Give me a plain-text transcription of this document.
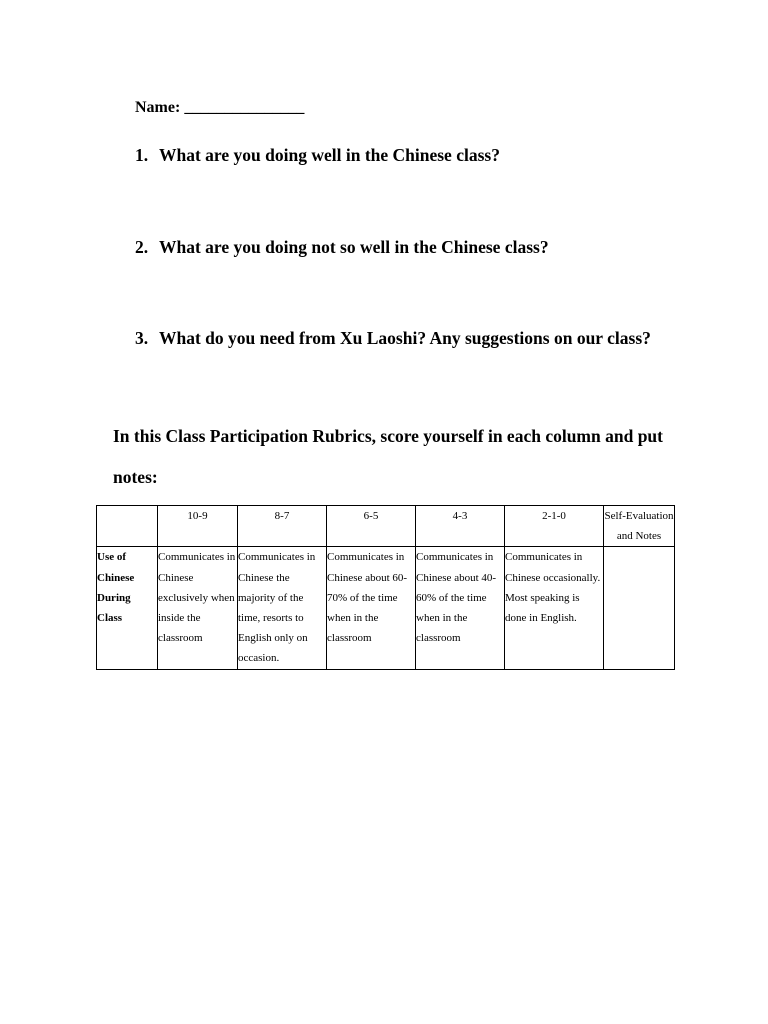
Name: _______________
1. What are you doing well in the Chinese class?
2. What are you doing not so well in the Chinese class?
3. What do you need from Xu Laoshi? Any suggestions on our class?
In this Class Participation Rubrics, score yourself in each column and put notes:
	10-9	8-7	6-5	4-3	2-1-0	Self-Evaluation and Notes
Use of Chinese During Class	Communicates in Chinese exclusively when inside the classroom	Communicates in Chinese the majority of the time, resorts to English only on occasion.	Communicates in Chinese about 60-70% of the time when in the classroom	Communicates in Chinese about 40-60% of the time when in the classroom	Communicates in Chinese occasionally. Most speaking is done in English.	
